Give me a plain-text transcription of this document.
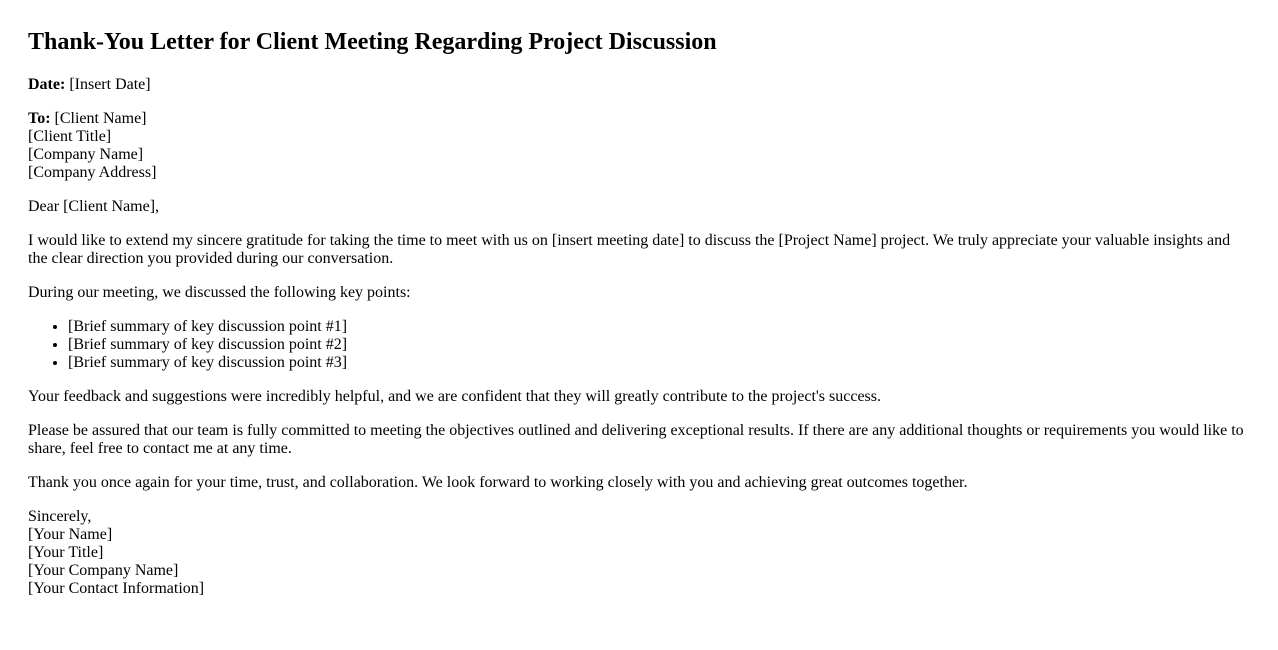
Thank-You Letter for Client Meeting Regarding Project Discussion

Date: [Insert Date]

To: [Client Name]
[Client Title]
[Company Name]
[Company Address]

Dear [Client Name],

I would like to extend my sincere gratitude for taking the time to meet with us on [insert meeting date] to discuss the [Project Name] project. We truly appreciate your valuable insights and the clear direction you provided during our conversation.

During our meeting, we discussed the following key points:

• [Brief summary of key discussion point #1]
• [Brief summary of key discussion point #2]
• [Brief summary of key discussion point #3]

Your feedback and suggestions were incredibly helpful, and we are confident that they will greatly contribute to the project's success.

Please be assured that our team is fully committed to meeting the objectives outlined and delivering exceptional results. If there are any additional thoughts or requirements you would like to share, feel free to contact me at any time.

Thank you once again for your time, trust, and collaboration. We look forward to working closely with you and achieving great outcomes together.

Sincerely,
[Your Name]
[Your Title]
[Your Company Name]
[Your Contact Information]
